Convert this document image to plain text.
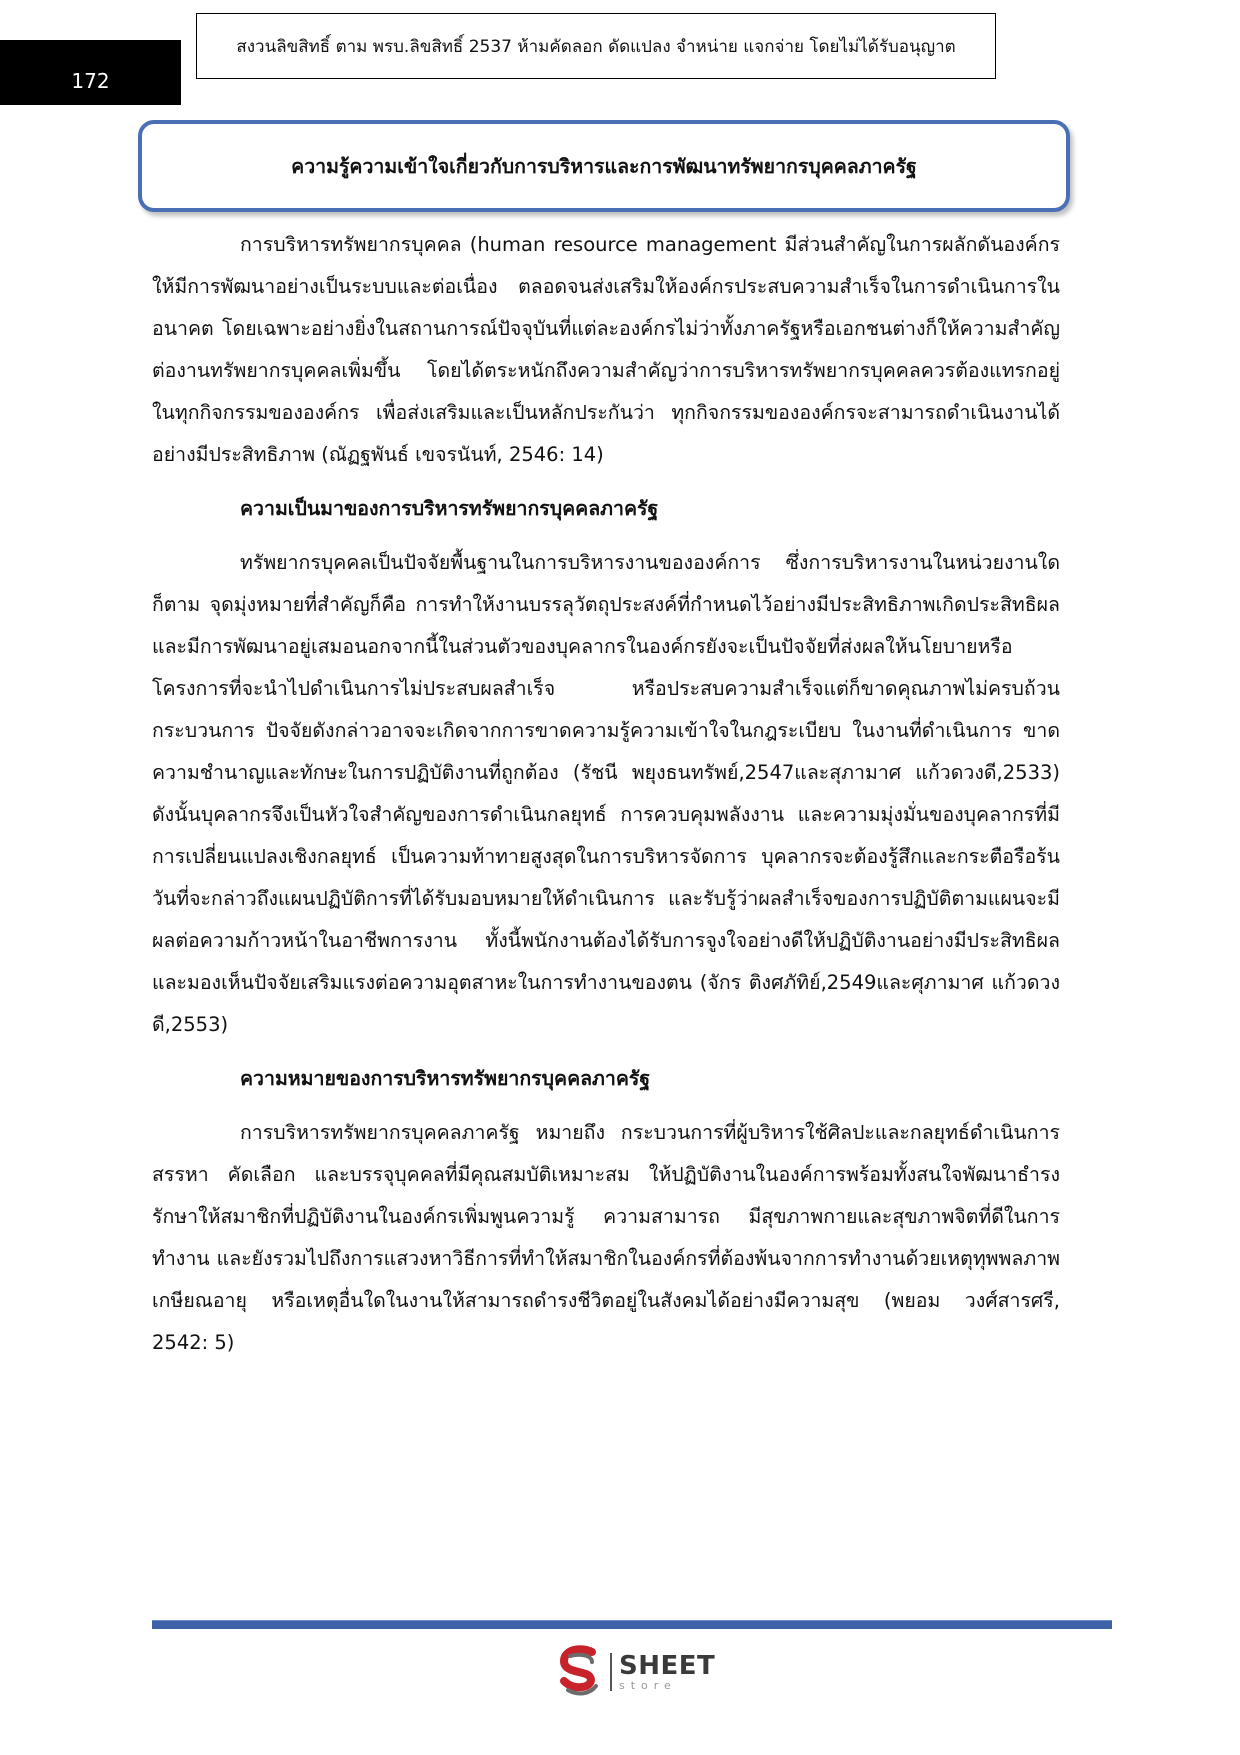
172
สงวนลิขสิทธิ์ ตาม พรบ.ลิขสิทธิ์ 2537 ห้ามคัดลอก ดัดแปลง จำหน่าย แจกจ่าย โดยไม่ได้รับอนุญาต
ความรู้ความเข้าใจเกี่ยวกับการบริหารและการพัฒนาทรัพยากรบุคคลภาครัฐ

การบริหารทรัพยากรบุคคล (human resource management มีส่วนสำคัญในการผลักดันองค์กรให้มีการพัฒนาอย่างเป็นระบบและต่อเนื่อง ตลอดจนส่งเสริมให้องค์กรประสบความสำเร็จในการดำเนินการในอนาคต โดยเฉพาะอย่างยิ่งในสถานการณ์ปัจจุบันที่แต่ละองค์กรไม่ว่าทั้งภาครัฐหรือเอกชนต่างก็ให้ความสำคัญต่องานทรัพยากรบุคคลเพิ่มขึ้น โดยได้ตระหนักถึงความสำคัญว่าการบริหารทรัพยากรบุคคลควรต้องแทรกอยู่ในทุกกิจกรรมขององค์กร เพื่อส่งเสริมและเป็นหลักประกันว่า ทุกกิจกรรมขององค์กรจะสามารถดำเนินงานได้อย่างมีประสิทธิภาพ (ณัฏฐพันธ์ เขจรนันท์, 2546: 14)

ความเป็นมาของการบริหารทรัพยากรบุคคลภาครัฐ

ทรัพยากรบุคคลเป็นปัจจัยพื้นฐานในการบริหารงานขององค์การ ซึ่งการบริหารงานในหน่วยงานใดก็ตาม จุดมุ่งหมายที่สำคัญก็คือ การทำให้งานบรรลุวัตถุประสงค์ที่กำหนดไว้อย่างมีประสิทธิภาพเกิดประสิทธิผล และมีการพัฒนาอยู่เสมอนอกจากนี้ในส่วนตัวของบุคลากรในองค์กรยังจะเป็นปัจจัยที่ส่งผลให้นโยบายหรือโครงการที่จะนำไปดำเนินการไม่ประสบผลสำเร็จ หรือประสบความสำเร็จแต่ก็ขาดคุณภาพไม่ครบถ้วนกระบวนการ ปัจจัยดังกล่าวอาจจะเกิดจากการขาดความรู้ความเข้าใจในกฎระเบียบ ในงานที่ดำเนินการ ขาดความชำนาญและทักษะในการปฏิบัติงานที่ถูกต้อง (รัชนี พยุงธนทรัพย์,2547และสุภามาศ แก้วดวงดี,2533) ดังนั้นบุคลากรจึงเป็นหัวใจสำคัญของการดำเนินกลยุทธ์ การควบคุมพลังงาน และความมุ่งมั่นของบุคลากรที่มีการเปลี่ยนแปลงเชิงกลยุทธ์ เป็นความท้าทายสูงสุดในการบริหารจัดการ บุคลากรจะต้องรู้สึกและกระตือรือร้นวันที่จะกล่าวถึงแผนปฏิบัติการที่ได้รับมอบหมายให้ดำเนินการ และรับรู้ว่าผลสำเร็จของการปฏิบัติตามแผนจะมีผลต่อความก้าวหน้าในอาชีพการงาน ทั้งนี้พนักงานต้องได้รับการจูงใจอย่างดีให้ปฏิบัติงานอย่างมีประสิทธิผล และมองเห็นปัจจัยเสริมแรงต่อความอุตสาหะในการทำงานของตน (จักร ติงศภัทิย์,2549และศุภามาศ แก้วดวงดี,2553)

ความหมายของการบริหารทรัพยากรบุคคลภาครัฐ

การบริหารทรัพยากรบุคคลภาครัฐ หมายถึง กระบวนการที่ผู้บริหารใช้ศิลปะและกลยุทธ์ดำเนินการสรรหา คัดเลือก และบรรจุบุคคลที่มีคุณสมบัติเหมาะสม ให้ปฏิบัติงานในองค์การพร้อมทั้งสนใจพัฒนาธำรงรักษาให้สมาชิกที่ปฏิบัติงานในองค์กรเพิ่มพูนความรู้ ความสามารถ มีสุขภาพกายและสุขภาพจิตที่ดีในการทำงาน และยังรวมไปถึงการแสวงหาวิธีการที่ทำให้สมาชิกในองค์กรที่ต้องพ้นจากการทำงานด้วยเหตุทุพพลภาพ เกษียณอายุ หรือเหตุอื่นใดในงานให้สามารถดำรงชีวิตอยู่ในสังคมได้อย่างมีความสุข (พยอม วงศ์สารศรี, 2542: 5)

SHEET
store
